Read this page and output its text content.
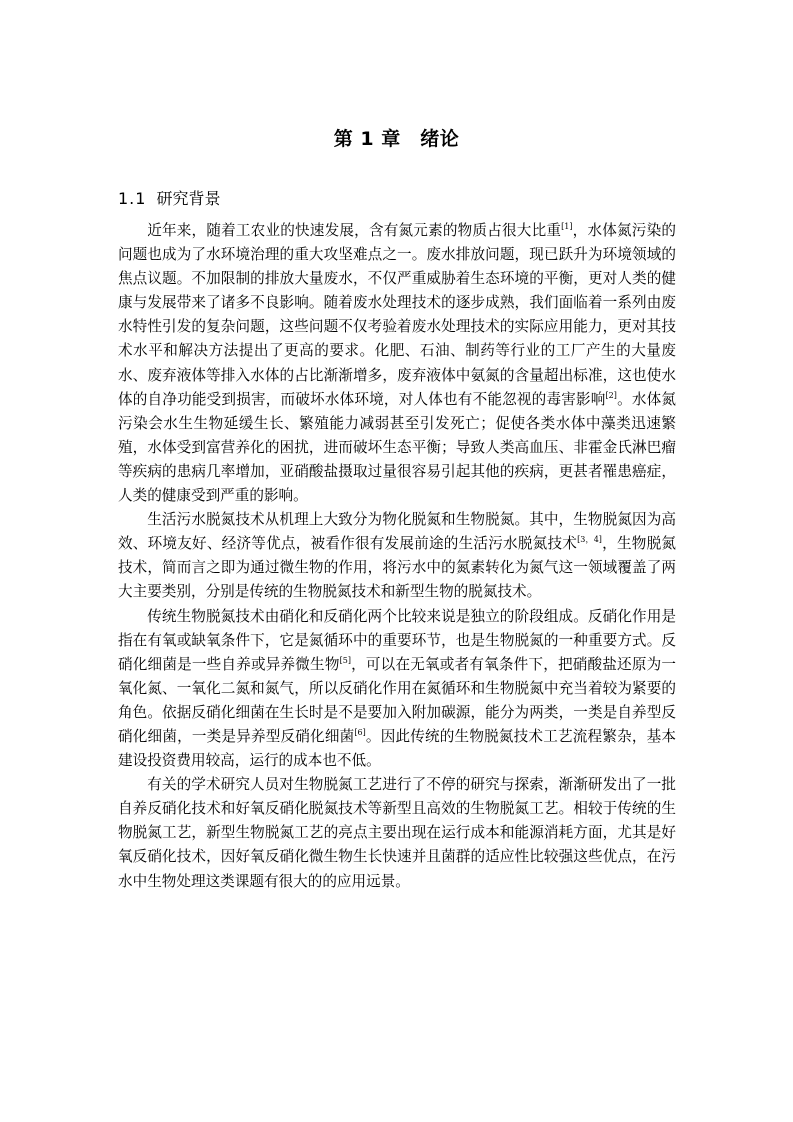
第 1 章　绪论
1.1 研究背景

近年来，随着工农业的快速发展，含有氮元素的物质占很大比重[1]，水体氮污染的问题也成为了水环境治理的重大攻坚难点之一。废水排放问题，现已跃升为环境领域的焦点议题。不加限制的排放大量废水，不仅严重威胁着生态环境的平衡，更对人类的健康与发展带来了诸多不良影响。随着废水处理技术的逐步成熟，我们面临着一系列由废水特性引发的复杂问题，这些问题不仅考验着废水处理技术的实际应用能力，更对其技术水平和解决方法提出了更高的要求。化肥、石油、制药等行业的工厂产生的大量废水、废弃液体等排入水体的占比渐渐增多，废弃液体中氨氮的含量超出标准，这也使水体的自净功能受到损害，而破坏水体环境，对人体也有不能忽视的毒害影响[2]。水体氮污染会水生生物延缓生长、繁殖能力减弱甚至引发死亡；促使各类水体中藻类迅速繁殖，水体受到富营养化的困扰，进而破坏生态平衡；导致人类高血压、非霍金氏淋巴瘤等疾病的患病几率增加，亚硝酸盐摄取过量很容易引起其他的疾病，更甚者罹患癌症，人类的健康受到严重的影响。

生活污水脱氮技术从机理上大致分为物化脱氮和生物脱氮。其中，生物脱氮因为高效、环境友好、经济等优点，被看作很有发展前途的生活污水脱氮技术[3，4]，生物脱氮技术，简而言之即为通过微生物的作用，将污水中的氮素转化为氮气这一领域覆盖了两大主要类别，分别是传统的生物脱氮技术和新型生物的脱氮技术。

传统生物脱氮技术由硝化和反硝化两个比较来说是独立的阶段组成。反硝化作用是指在有氧或缺氧条件下，它是氮循环中的重要环节，也是生物脱氮的一种重要方式。反硝化细菌是一些自养或异养微生物[5]，可以在无氧或者有氧条件下，把硝酸盐还原为一氧化氮、一氧化二氮和氮气，所以反硝化作用在氮循环和生物脱氮中充当着较为紧要的角色。依据反硝化细菌在生长时是不是要加入附加碳源，能分为两类，一类是自养型反硝化细菌，一类是异养型反硝化细菌[6]。因此传统的生物脱氮技术工艺流程繁杂，基本建设投资费用较高，运行的成本也不低。

有关的学术研究人员对生物脱氮工艺进行了不停的研究与探索，渐渐研发出了一批自养反硝化技术和好氧反硝化脱氮技术等新型且高效的生物脱氮工艺。相较于传统的生物脱氮工艺，新型生物脱氮工艺的亮点主要出现在运行成本和能源消耗方面，尤其是好氧反硝化技术，因好氧反硝化微生物生长快速并且菌群的适应性比较强这些优点，在污水中生物处理这类课题有很大的的应用远景。
